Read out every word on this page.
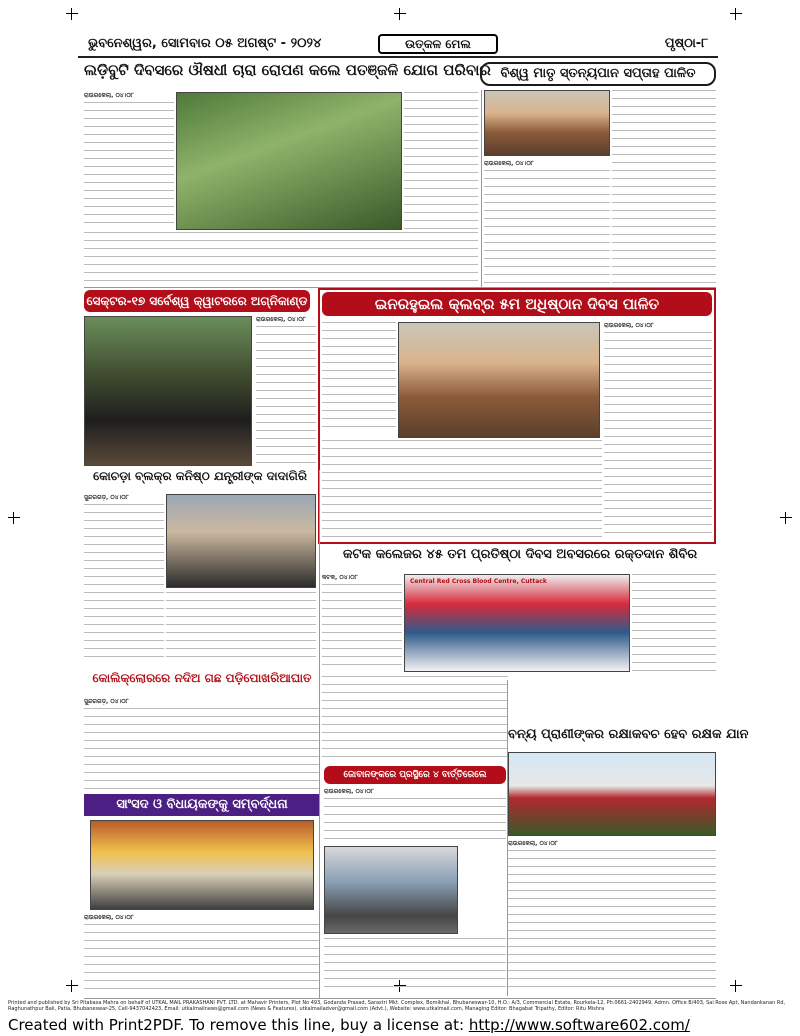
ଭୁବନେଶ୍ୱର, ସୋମବାର ୦୫ ଅଗଷ୍ଟ - ୨୦୨୪	ଉତ୍କଳ ମେଲ	ପୃଷ୍ଠା-୮
ଲଡ଼ିବୁଟି ଦିବସରେ ଔଷଧୀ ଚାରା ରୋପଣ କଲେ ପତଞ୍ଜଳି ଯୋଗ ପରିବାର ବିଶ୍ୱ ମାତୃ ସ୍ତନ୍ୟପାନ ସପ୍ତାହ ପାଳିତ
ରାଉରକେଲା, ୦୪।୦୮
ରାଉରକେଲା, ୦୪।୦୮
ସେକ୍ଟର-୧୭ ସର୍ବେଶ୍ୱ କ୍ୱାଟରରେ ଅଗ୍ନିକାଣ୍ଡ
ରାଉରକେଲା, ୦୪।୦୮
ଇନରହୁଇଲ କ୍ଲବ୍‌ର ୫ମ ଅଧିଷ୍ଠାନ ଦିବସ ପାଳିତ
ରାଉରକେଲା, ୦୪।୦୮
କୋଚଡ଼ା ବ୍ଲକ୍‌ର କନିଷ୍ଠ ଯନ୍ତ୍ରୀଙ୍କ ଦାଦାଗିରି
ସୁନ୍ଦରଗଡ଼, ୦୪।୦୮
କଟକ କଲେଜର ୪୫ ତମ ପ୍ରତିଷ୍ଠା ଦିବସ ଅବସରରେ ରକ୍ତଦାନ ଶିବିର
କଟକ, ୦୪।୦୮
Central Red Cross Blood Centre, Cuttack
କୋଲିକ୍ଲୋରରେ ନଦିଅ ଗଛ ପଡ଼ିପୋଖରିଆଘାତ
ସୁନ୍ଦରଗଡ଼, ୦୪।୦୮
ବନ୍ୟ ପ୍ରାଣୀଙ୍କର ରକ୍ଷାକବଚ ହେବ ରକ୍ଷକ ଯାନ
ରାଉରକେଲା, ୦୪।୦୮
ସାଂସଦ ଓ ବିଧାୟକଙ୍କୁ ସମ୍ବର୍ଦ୍ଧନା
ରାଉରକେଲା, ୦୪।୦୮
ଜୋବାନଙ୍କରେ ପ୍ରସ୍ଥିରେ ୪ ବାର୍ତ୍ତିରେଲେ
ରାଉରକେଲା, ୦୪।୦୮
Printed and published by Sri Pitabasa Mahra on behalf of UTKAL MAIL PRAKASHANI PVT. LTD. at Mahavir Printers, Plot No 493, Godanda Prasad, Sarastri Mkt. Complex, Bomikhal, Bhubaneswar-10, H.O.: A/3, Commercial Estate, Rourkela-12, Ph.0661-2402949, Admn. Office B/403, Sai Rose Apt, Nandankanan Rd, Raghunathpur Bali, Patia, Bhubaneswar-25, Cell-9437042423, Email: utkalmailnews@gmail.com (News & Features), utkalmailadver@gmail.com (Advt.), Website: www.utkalmail.com, Managing Editor: Bhagabat Tripathy, Editor: Ritu Mishra
Created with Print2PDF. To remove this line, buy a license at: http://www.software602.com/
